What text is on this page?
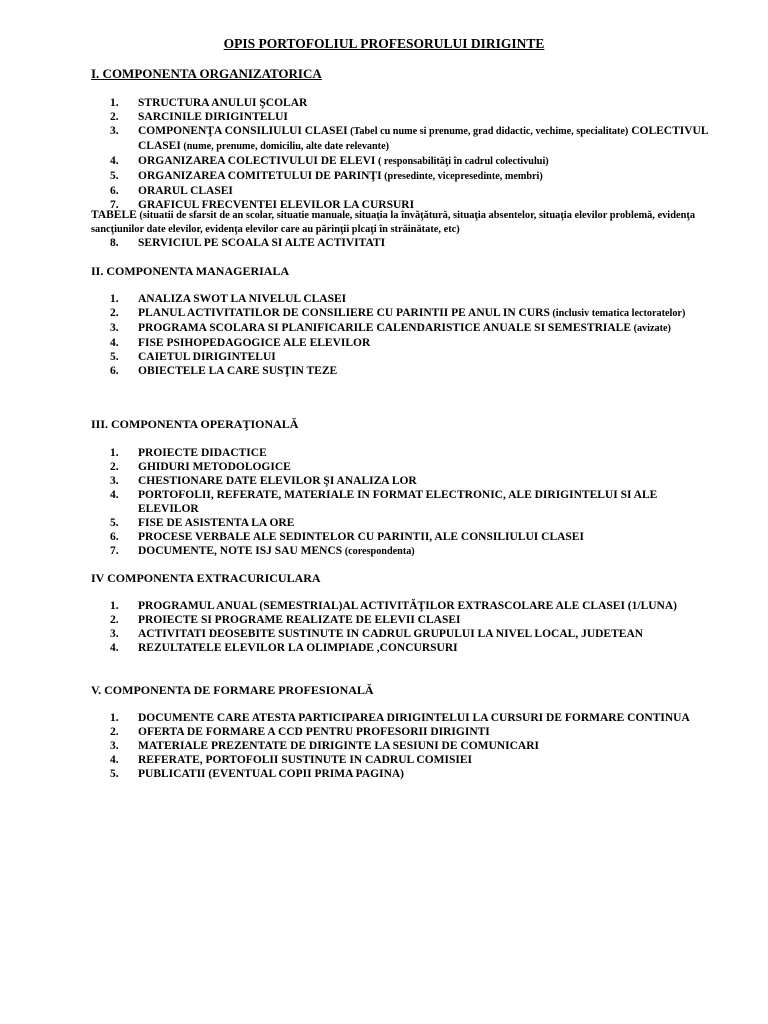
OPIS PORTOFOLIUL PROFESORULUI DIRIGINTE
I. COMPONENTA ORGANIZATORICA
1.	STRUCTURA ANULUI ŞCOLAR
2.	SARCINILE DIRIGINTELUI
3.	COMPONENŢA CONSILIULUI CLASEI (Tabel cu nume si prenume, grad didactic, vechime, specialitate) COLECTIVUL CLASEI (nume, prenume, domiciliu, alte date relevante)
4.	ORGANIZAREA COLECTIVULUI DE ELEVI ( responsabilităţi în cadrul colectivului)
5.	ORGANIZAREA COMITETULUI DE PARINŢI (presedinte, vicepresedinte, membri)
6.	ORARUL CLASEI
7.	GRAFICUL FRECVENTEI ELEVILOR LA CURSURI
TABELE (situatii de sfarsit de an scolar, situatie manuale, situaţia la învăţătură, situaţia absentelor, situaţia elevilor problemă, evidenţa sancţiunilor date elevilor, evidenţa elevilor care au părinţii plcaţi în străinătate, etc)
8.	SERVICIUL PE SCOALA SI ALTE ACTIVITATI
II. COMPONENTA MANAGERIALA
1.	ANALIZA SWOT LA NIVELUL CLASEI
2.	PLANUL ACTIVITATILOR DE CONSILIERE CU PARINTII PE ANUL IN CURS (inclusiv tematica lectoratelor)
3.	PROGRAMA SCOLARA SI PLANIFICARILE CALENDARISTICE ANUALE SI SEMESTRIALE (avizate)
4.	FISE PSIHOPEDAGOGICE ALE ELEVILOR
5.	CAIETUL DIRIGINTELUI
6.	OBIECTELE LA CARE SUSŢIN TEZE
III. COMPONENTA OPERAŢIONALĂ
1.	PROIECTE DIDACTICE
2.	GHIDURI METODOLOGICE
3.	CHESTIONARE DATE ELEVILOR ŞI ANALIZA LOR
4.	PORTOFOLII, REFERATE, MATERIALE IN FORMAT ELECTRONIC, ALE DIRIGINTELUI SI ALE ELEVILOR
5.	FISE DE ASISTENTA LA ORE
6.	PROCESE VERBALE ALE SEDINTELOR CU PARINTII, ALE CONSILIULUI CLASEI
7.	DOCUMENTE, NOTE ISJ SAU MENCS (corespondenta)
IV COMPONENTA EXTRACURICULARA
1.	PROGRAMUL ANUAL (SEMESTRIAL)AL ACTIVITĂŢILOR EXTRASCOLARE ALE CLASEI (1/LUNA)
2.	PROIECTE SI PROGRAME REALIZATE DE ELEVII CLASEI
3.	ACTIVITATI DEOSEBITE SUSTINUTE IN CADRUL GRUPULUI LA NIVEL LOCAL, JUDETEAN
4.	REZULTATELE ELEVILOR LA OLIMPIADE ,CONCURSURI
V. COMPONENTA DE FORMARE PROFESIONALĂ
1.	DOCUMENTE CARE ATESTA PARTICIPAREA DIRIGINTELUI LA CURSURI DE FORMARE CONTINUA
2.	OFERTA DE FORMARE A CCD PENTRU PROFESORII DIRIGINTI
3.	MATERIALE PREZENTATE DE DIRIGINTE LA SESIUNI DE COMUNICARI
4.	REFERATE, PORTOFOLII SUSTINUTE IN CADRUL COMISIEI
5.	PUBLICATII (EVENTUAL COPII PRIMA PAGINA)
